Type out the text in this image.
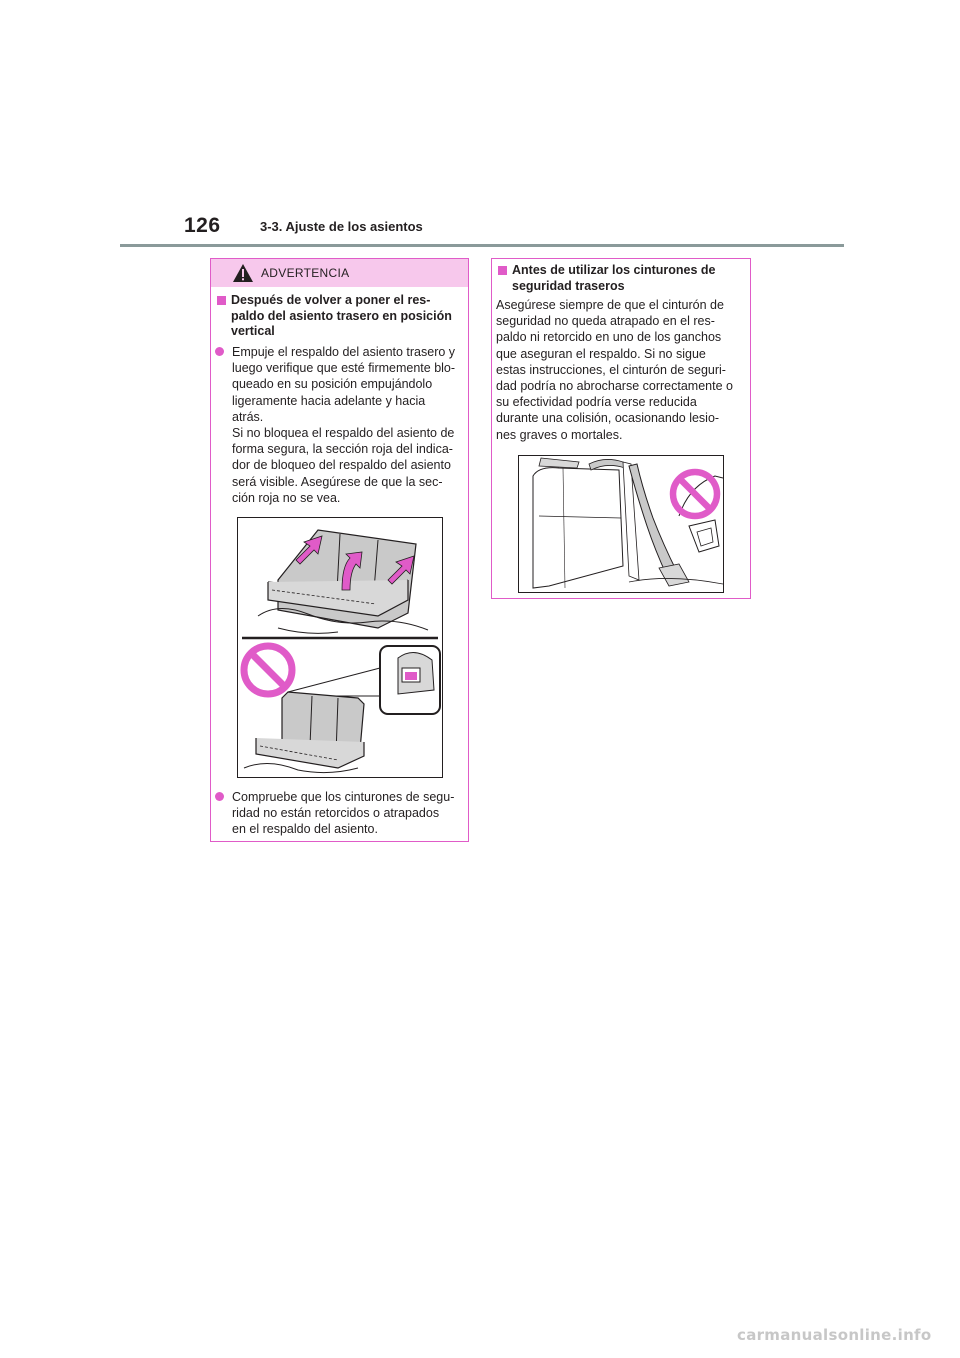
126	3-3. Ajuste de los asientos
ADVERTENCIA
Después de volver a poner el res-
paldo del asiento trasero en posición
vertical
Empuje el respaldo del asiento trasero y
luego verifique que esté firmemente blo-
queado en su posición empujándolo
ligeramente hacia adelante y hacia
atrás.
Si no bloquea el respaldo del asiento de
forma segura, la sección roja del indica-
dor de bloqueo del respaldo del asiento
será visible. Asegúrese de que la sec-
ción roja no se vea.
Compruebe que los cinturones de segu-
ridad no están retorcidos o atrapados
en el respaldo del asiento.
Antes de utilizar los cinturones de
seguridad traseros
Asegúrese siempre de que el cinturón de
seguridad no queda atrapado en el res-
paldo ni retorcido en uno de los ganchos
que aseguran el respaldo. Si no sigue
estas instrucciones, el cinturón de seguri-
dad podría no abrocharse correctamente o
su efectividad podría verse reducida
durante una colisión, ocasionando lesio-
nes graves o mortales.
carmanualsonline.info
